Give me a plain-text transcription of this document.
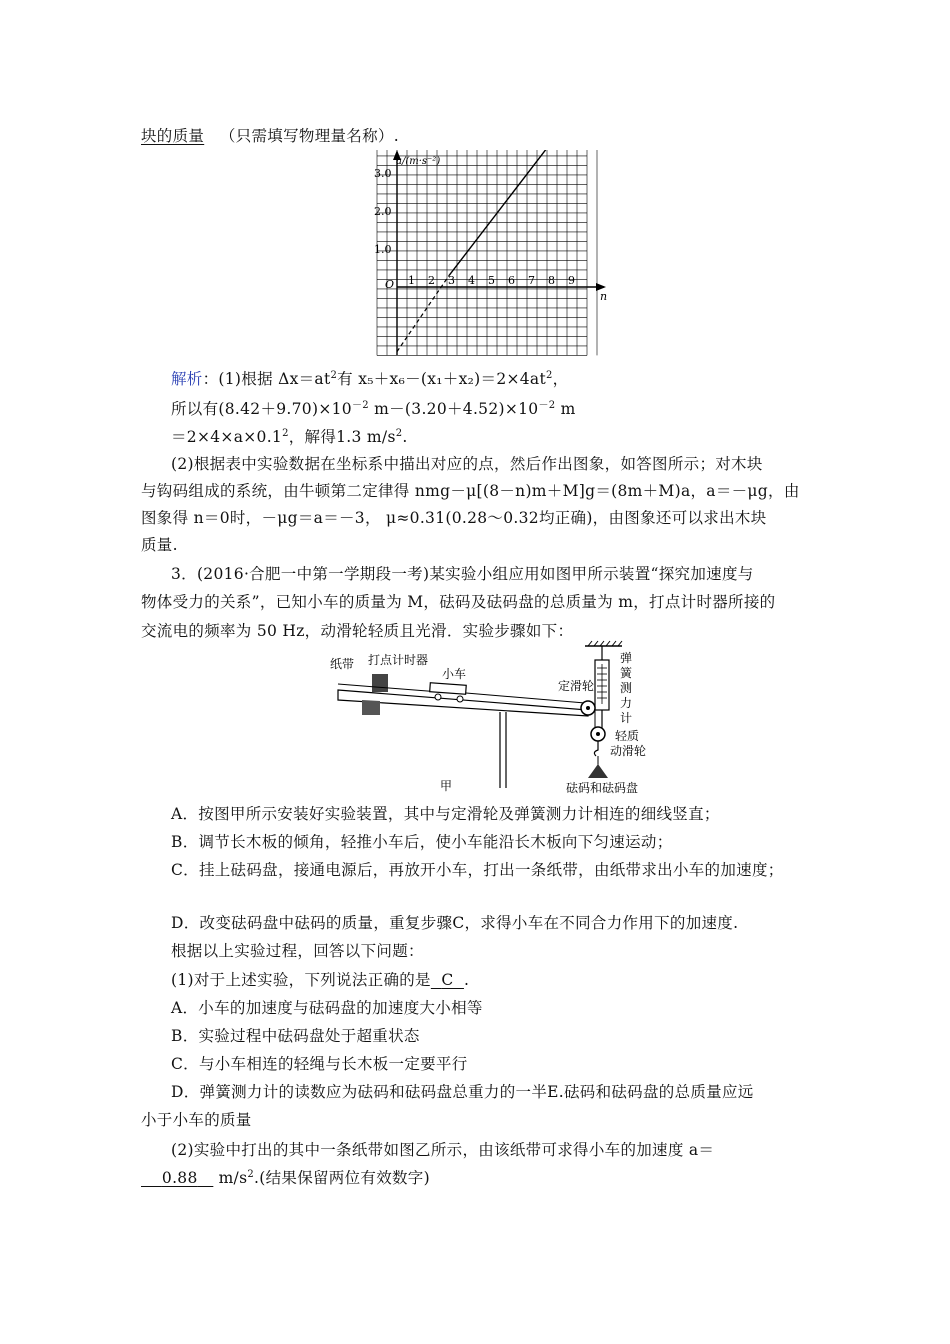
块的质量 （只需填写物理量名称）.
a/(m·s⁻²)
O
n
3.0
2.0
1.0
1 2 3 4 5 6 7 8 9
解析：(1)根据 $\Delta x=at^2$有 $x_5+x_6-(x_1+x_2)=2\times 4at^2$，
所以有$(8.42+9.70)\times 10^{-2}$ $m-(3.20+4.52)\times 10^{-2}$ m
$=2\times 4\times a\times 0.1^2$，解得1.3 $m/s^2$.
(2)根据表中实验数据在坐标系中描出对应的点，然后作出图象，如答图所示；对木块
与钩码组成的系统，由牛顿第二定律得 nmg－μ[(8－n)m＋M]g＝(8m＋M)a，a＝－μg，由
图象得 n＝0时，－μg＝a＝－3， μ≈0.31(0.28～0.32均正确)，由图象还可以求出木块
质量.
3．(2016·合肥一中第一学期段一考)某实验小组应用如图甲所示装置“探究加速度与
物体受力的关系”，已知小车的质量为 M，砝码及砝码盘的总质量为 m，打点计时器所接的
交流电的频率为 50 Hz，动滑轮轻质且光滑．实验步骤如下：
纸带 打点计时器
小车
定滑轮
弹
簧
测
力
计
轻质
动滑轮
砝码和砝码盘
甲
A．按图甲所示安装好实验装置，其中与定滑轮及弹簧测力计相连的细线竖直；
B．调节长木板的倾角，轻推小车后，使小车能沿长木板向下匀速运动；
C．挂上砝码盘，接通电源后，再放开小车，打出一条纸带，由纸带求出小车的加速度；
D．改变砝码盘中砝码的质量，重复步骤C，求得小车在不同合力作用下的加速度.
根据以上实验过程，回答以下问题：
(1)对于上述实验，下列说法正确的是 C .
A．小车的加速度与砝码盘的加速度大小相等
B．实验过程中砝码盘处于超重状态
C．与小车相连的轻绳与长木板一定要平行
D．弹簧测力计的读数应为砝码和砝码盘总重力的一半E.砝码和砝码盘的总质量应远
小于小车的质量
(2)实验中打出的其中一条纸带如图乙所示，由该纸带可求得小车的加速度 a＝
0.88 $m/s^2$.(结果保留两位有效数字)
